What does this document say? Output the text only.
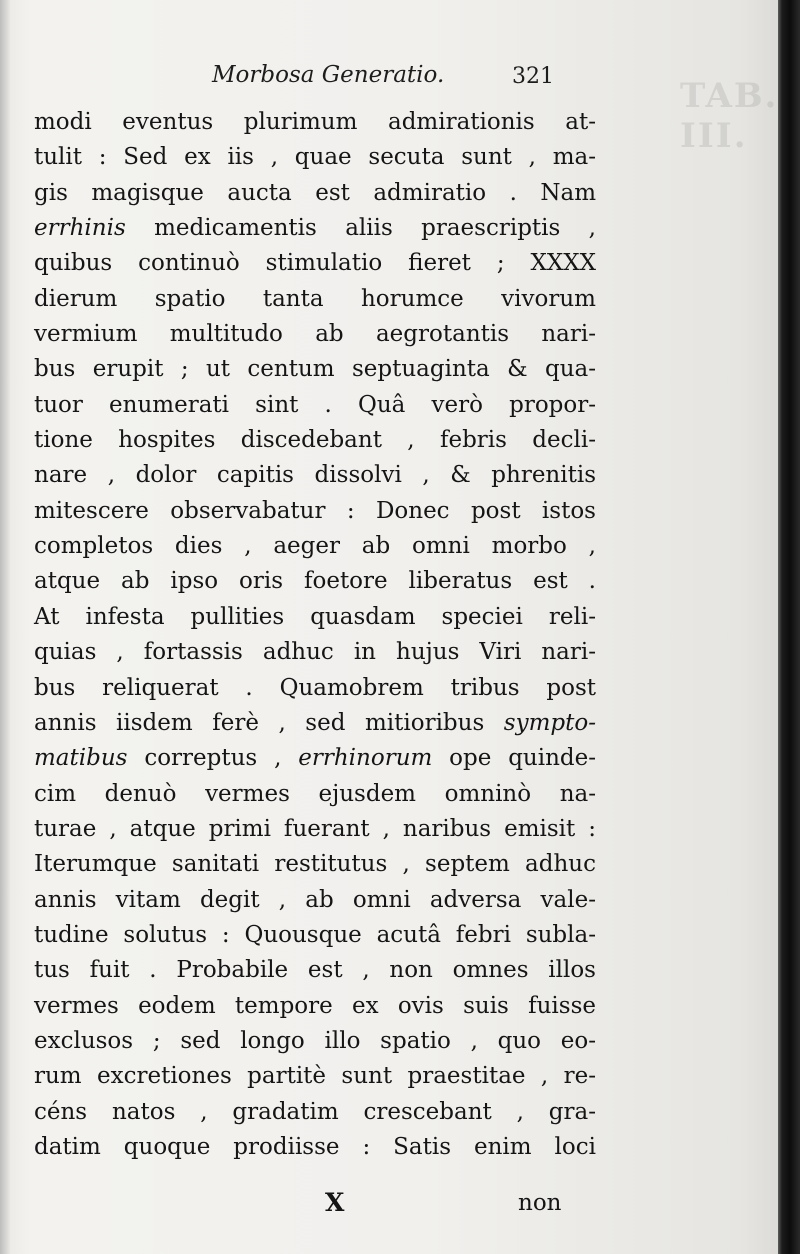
TAB. III.
Morbosa Generatio.	321
modi eventus plurimum admirationis at-
tulit : Sed ex iis , quae secuta sunt , ma-
gis magisque aucta est admiratio . Nam
errhinis medicamentis aliis praescriptis ,
quibus continuò stimulatio fieret ; XXXX
dierum spatio tanta horumce vivorum
vermium multitudo ab aegrotantis nari-
bus erupit ; ut centum septuaginta & qua-
tuor enumerati sint . Quâ verò propor-
tione hospites discedebant , febris decli-
nare , dolor capitis dissolvi , & phrenitis
mitescere observabatur : Donec post istos
completos dies , aeger ab omni morbo ,
atque ab ipso oris foetore liberatus est .
At infesta pullities quasdam speciei reli-
quias , fortassis adhuc in hujus Viri nari-
bus reliquerat . Quamobrem tribus post
annis iisdem ferè , sed mitioribus sympto-
matibus correptus , errhinorum ope quinde-
cim denuò vermes ejusdem omninò na-
turae , atque primi fuerant , naribus emisit :
Iterumque sanitati restitutus , septem adhuc
annis vitam degit , ab omni adversa vale-
tudine solutus : Quousque acutâ febri subla-
tus fuit . Probabile est , non omnes illos
vermes eodem tempore ex ovis suis fuisse
exclusos ; sed longo illo spatio , quo eo-
rum excretiones partitè sunt praestitae , re-
céns natos , gradatim crescebant , gra-
datim quoque prodiisse : Satis enim loci
X	non
